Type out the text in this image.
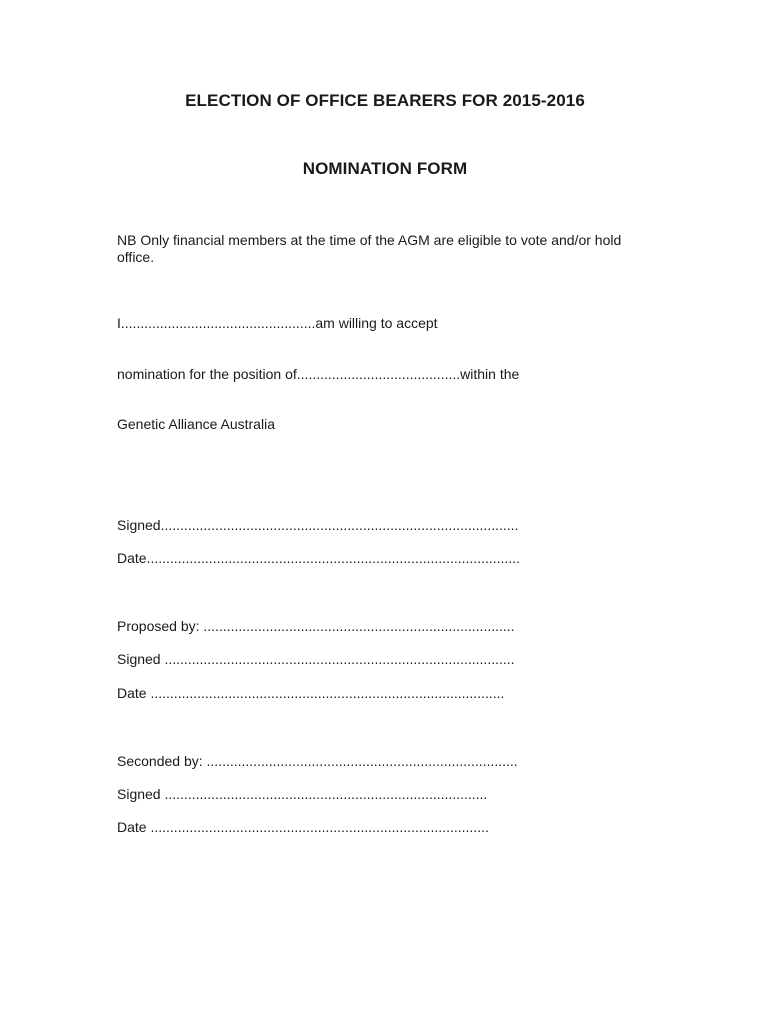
ELECTION OF OFFICE BEARERS FOR 2015-2016
NOMINATION FORM
NB Only financial members at the time of the AGM are eligible to vote and/or hold office.
I..................................................am willing to accept
nomination for the position of..........................................within the
Genetic Alliance Australia
Signed............................................................................................
Date................................................................................................
Proposed by: ................................................................................
Signed ..........................................................................................
Date ...........................................................................................
Seconded by: ................................................................................
Signed ...................................................................................
Date .......................................................................................
